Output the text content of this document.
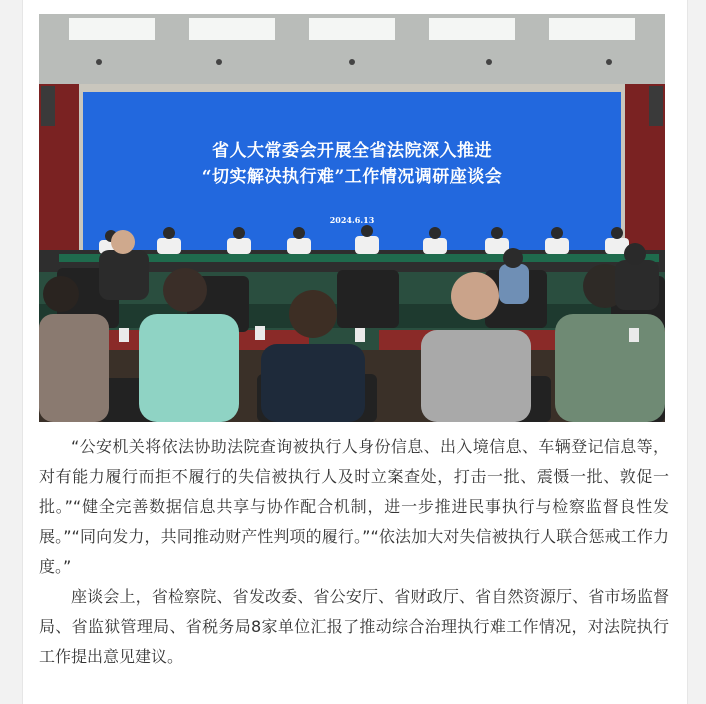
省人大常委会开展全省法院深入推进
“切实解决执行难”工作情况调研座谈会
2024.6.13

“公安机关将依法协助法院查询被执行人身份信息、出入境信息、车辆登记信息等，对有能力履行而拒不履行的失信被执行人及时立案查处，打击一批、震慑一批、敦促一批。”“健全完善数据信息共享与协作配合机制，进一步推进民事执行与检察监督良性发展。”“同向发力，共同推动财产性判项的履行。”“依法加大对失信被执行人联合惩戒工作力度。”

座谈会上，省检察院、省发改委、省公安厅、省财政厅、省自然资源厅、省市场监督局、省监狱管理局、省税务局8家单位汇报了推动综合治理执行难工作情况，对法院执行工作提出意见建议。
